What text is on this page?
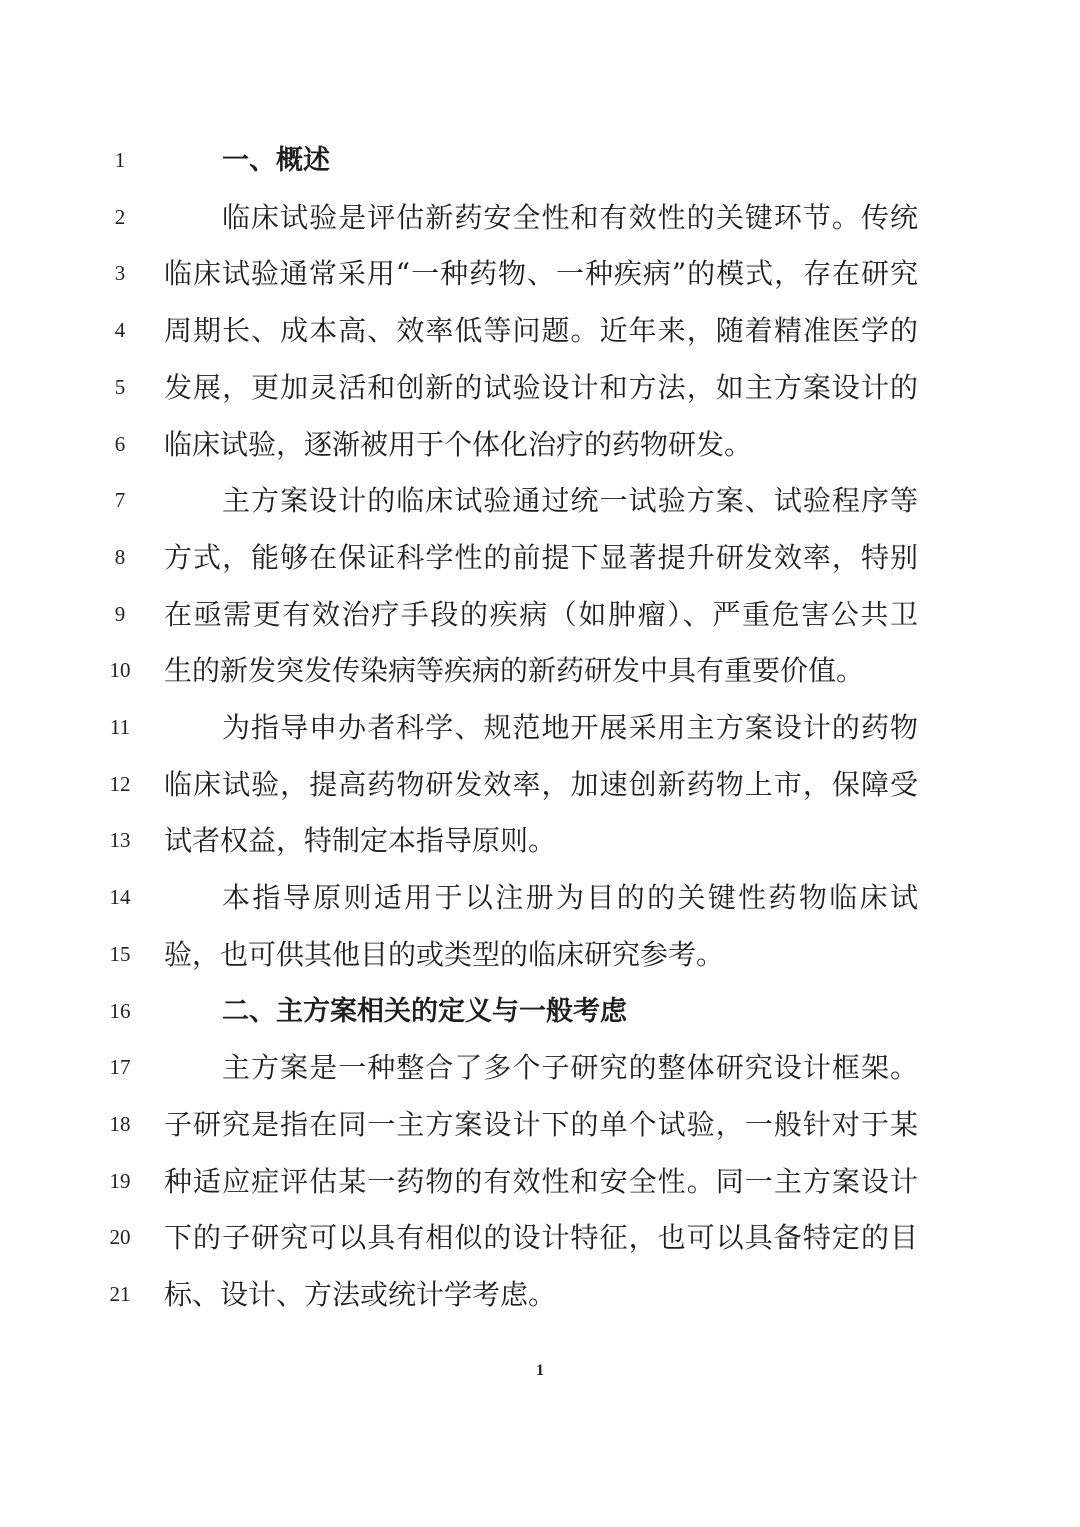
1	一、概述
2	临床试验是评估新药安全性和有效性的关键环节。传统
3	临床试验通常采用“一种药物、一种疾病”的模式，存在研究
4	周期长、成本高、效率低等问题。近年来，随着精准医学的
5	发展，更加灵活和创新的试验设计和方法，如主方案设计的
6	临床试验，逐渐被用于个体化治疗的药物研发。
7	主方案设计的临床试验通过统一试验方案、试验程序等
8	方式，能够在保证科学性的前提下显著提升研发效率，特别
9	在亟需更有效治疗手段的疾病（如肿瘤）、严重危害公共卫
10	生的新发突发传染病等疾病的新药研发中具有重要价值。
11	为指导申办者科学、规范地开展采用主方案设计的药物
12	临床试验，提高药物研发效率，加速创新药物上市，保障受
13	试者权益，特制定本指导原则。
14	本指导原则适用于以注册为目的的关键性药物临床试
15	验，也可供其他目的或类型的临床研究参考。
16	二、主方案相关的定义与一般考虑
17	主方案是一种整合了多个子研究的整体研究设计框架。
18	子研究是指在同一主方案设计下的单个试验，一般针对于某
19	种适应症评估某一药物的有效性和安全性。同一主方案设计
20	下的子研究可以具有相似的设计特征，也可以具备特定的目
21	标、设计、方法或统计学考虑。
1
